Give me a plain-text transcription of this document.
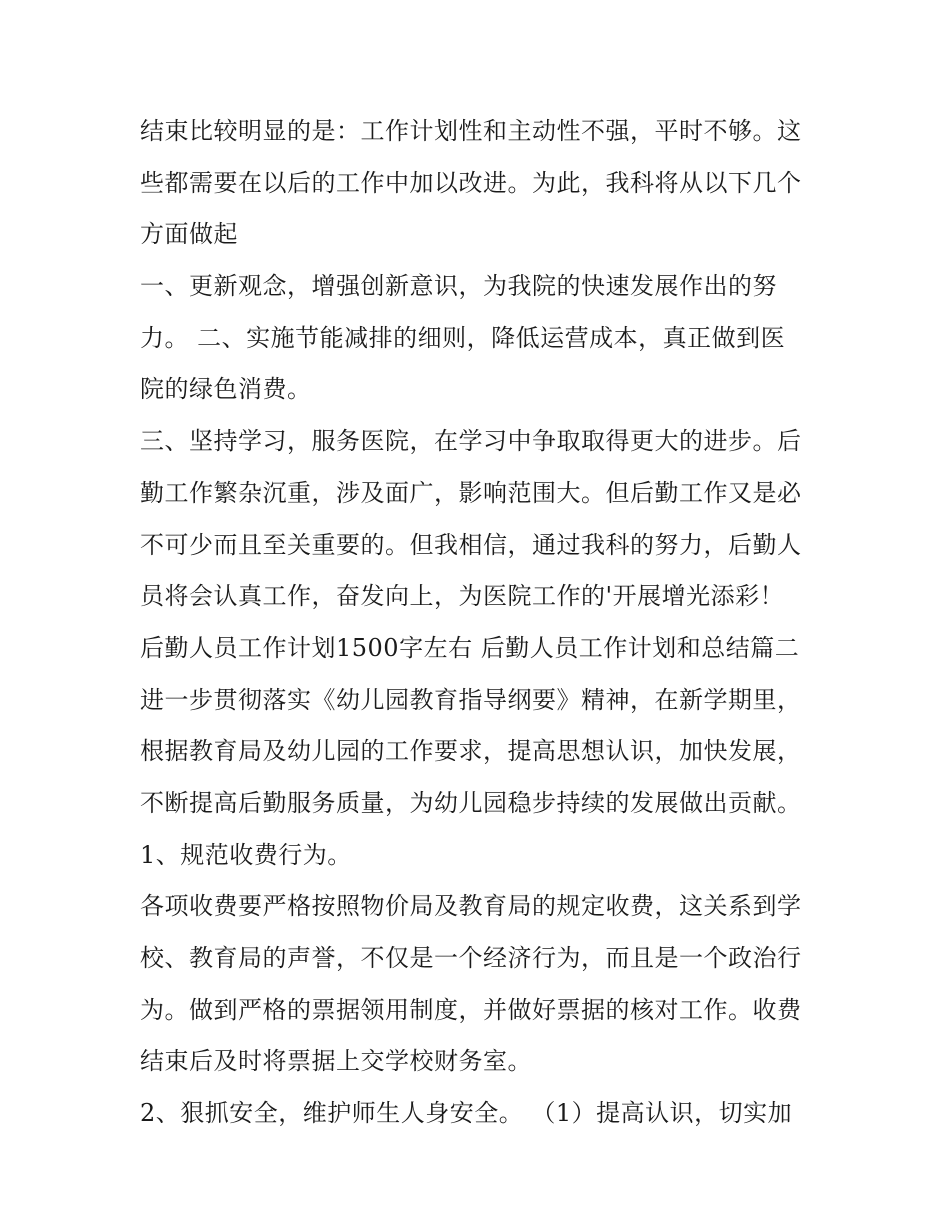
结束比较明显的是：工作计划性和主动性不强，平时不够。这
些都需要在以后的工作中加以改进。为此，我科将从以下几个
方面做起
一、更新观念，增强创新意识，为我院的快速发展作出的努
力。 二、实施节能减排的细则，降低运营成本，真正做到医
院的绿色消费。
三、坚持学习，服务医院，在学习中争取取得更大的进步。后
勤工作繁杂沉重，涉及面广，影响范围大。但后勤工作又是必
不可少而且至关重要的。但我相信，通过我科的努力，后勤人
员将会认真工作，奋发向上，为医院工作的'开展增光添彩！
后勤人员工作计划1500字左右 后勤人员工作计划和总结篇二
进一步贯彻落实《幼儿园教育指导纲要》精神，在新学期里，
根据教育局及幼儿园的工作要求，提高思想认识，加快发展，
不断提高后勤服务质量，为幼儿园稳步持续的发展做出贡献。
1、规范收费行为。
各项收费要严格按照物价局及教育局的规定收费，这关系到学
校、教育局的声誉，不仅是一个经济行为，而且是一个政治行
为。做到严格的票据领用制度，并做好票据的核对工作。收费
结束后及时将票据上交学校财务室。
2、狠抓安全，维护师生人身安全。 （1）提高认识，切实加
